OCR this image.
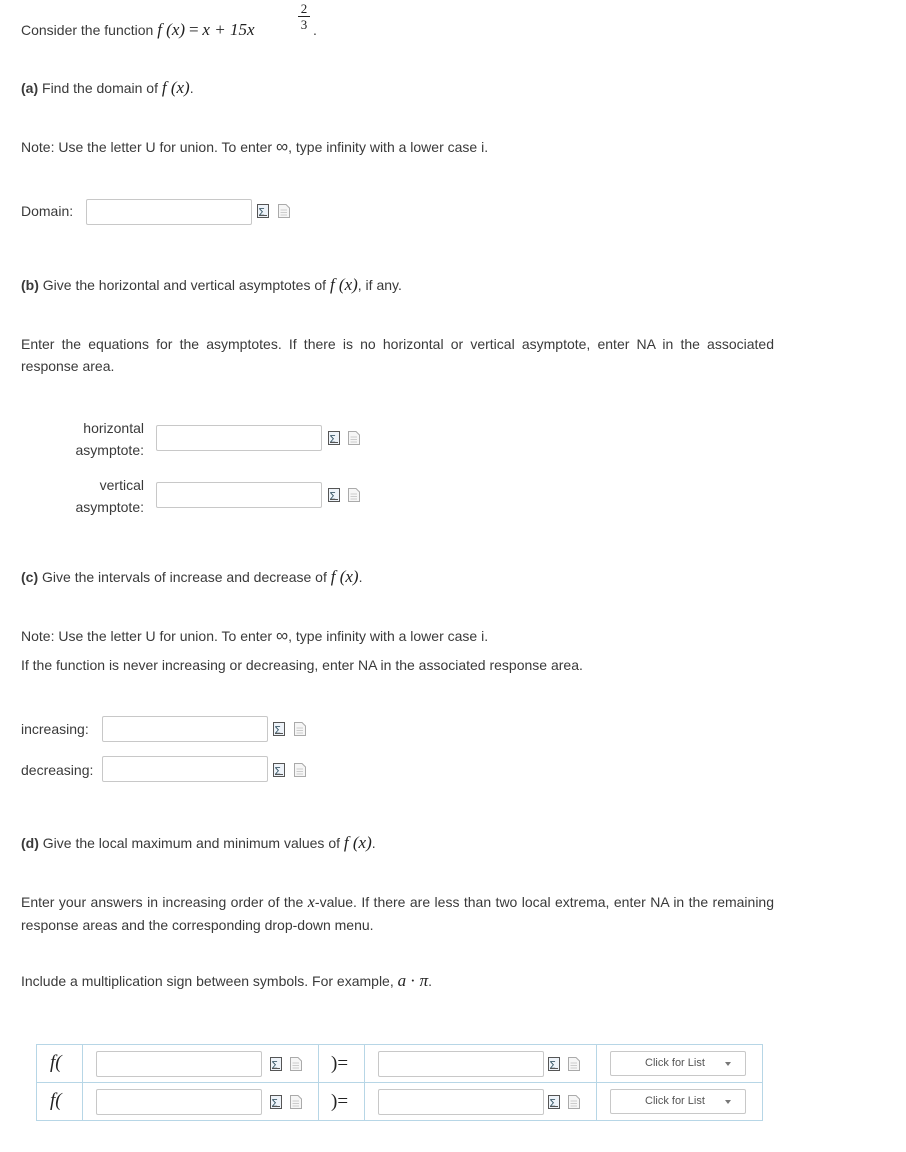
Consider the function f (x) = x + 15x
2
3 .
(a) Find the domain of f (x).
Note: Use the letter U for union. To enter ∞, type infinity with a lower case i.
Domain:	∑
(b) Give the horizontal and vertical asymptotes of f (x), if any.
Enter the equations for the asymptotes. If there is no horizontal or vertical asymptote, enter NA in the associated response area.
horizontal
asymptote:
∑
vertical
asymptote:
∑
(c) Give the intervals of increase and decrease of f (x).
Note: Use the letter U for union. To enter ∞, type infinity with a lower case i.
If the function is never increasing or decreasing, enter NA in the associated response area.
increasing:	∑
decreasing:	∑
(d) Give the local maximum and minimum values of f (x).
Enter your answers in increasing order of the x-value. If there are less than two local extrema, enter NA in the remaining response areas and the corresponding drop-down menu.
Include a multiplication sign between symbols. For example, a · π.
f(	∑	)=	∑	Click for List

f(	∑	)=	∑	Click for List
